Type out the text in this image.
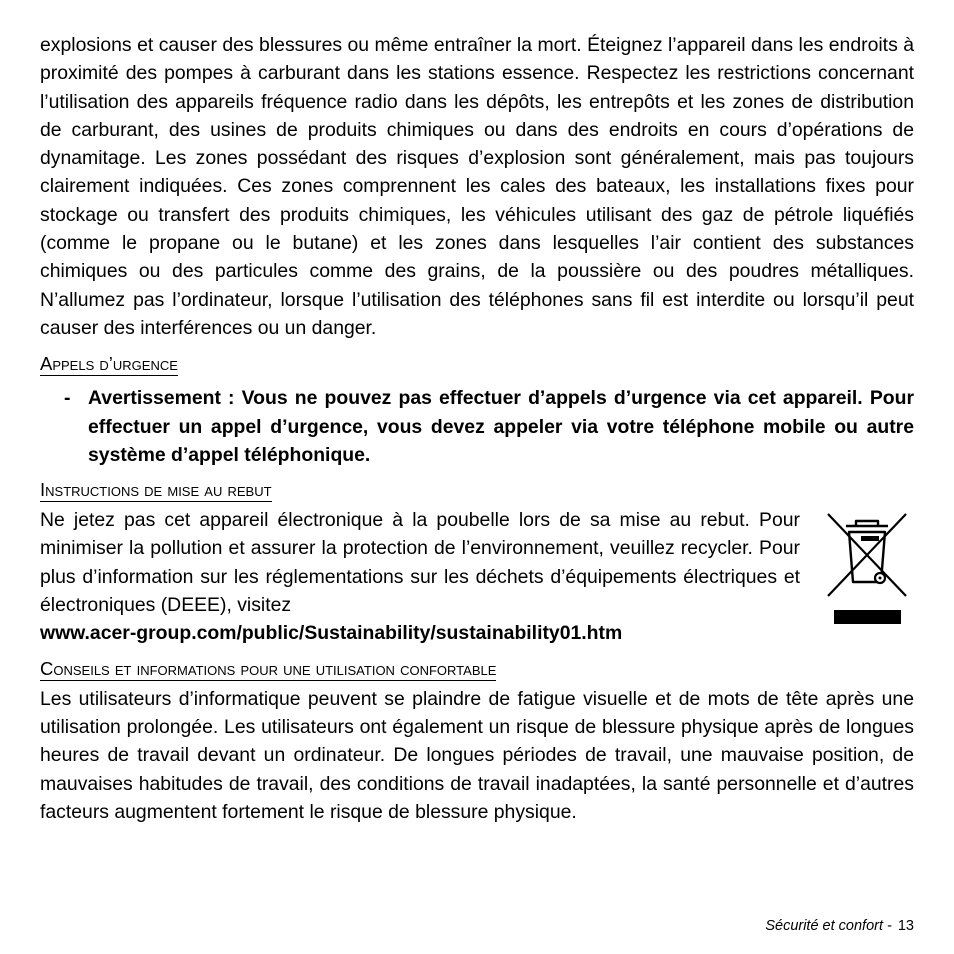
explosions et causer des blessures ou même entraîner la mort. Éteignez l’appareil dans les endroits à proximité des pompes à carburant dans les stations essence. Respectez les restrictions concernant l’utilisation des appareils fréquence radio dans les dépôts, les entrepôts et les zones de distribution de carburant, des usines de produits chimiques ou dans des endroits en cours d’opérations de dynamitage. Les zones possédant des risques d’explosion sont généralement, mais pas toujours clairement indiquées. Ces zones comprennent les cales des bateaux, les installations fixes pour stockage ou transfert des produits chimiques, les véhicules utilisant des gaz de pétrole liquéfiés (comme le propane ou le butane) et les zones dans lesquelles l’air contient des substances chimiques ou des particules comme des grains, de la poussière ou des poudres métalliques. N’allumez pas l’ordinateur, lorsque l’utilisation des téléphones sans fil est interdite ou lorsqu’il peut causer des interférences ou un danger.

Appels d’urgence
- Avertissement : Vous ne pouvez pas effectuer d’appels d’urgence via cet appareil. Pour effectuer un appel d’urgence, vous devez appeler via votre téléphone mobile ou autre système d’appel téléphonique.
Instructions de mise au rebut

Ne jetez pas cet appareil électronique à la poubelle lors de sa mise au rebut. Pour minimiser la pollution et assurer la protection de l’environnement, veuillez recycler. Pour plus d’information sur les réglementations sur les déchets d’équipements électriques et électroniques (DEEE), visitez

www.acer-group.com/public/Sustainability/sustainability01.htm

Conseils et informations pour une utilisation confortable

Les utilisateurs d’informatique peuvent se plaindre de fatigue visuelle et de mots de tête après une utilisation prolongée. Les utilisateurs ont également un risque de blessure physique après de longues heures de travail devant un ordinateur. De longues périodes de travail, une mauvaise position, de mauvaises habitudes de travail, des conditions de travail inadaptées, la santé personnelle et d’autres facteurs augmentent fortement le risque de blessure physique.

Sécurité et confort - 13
